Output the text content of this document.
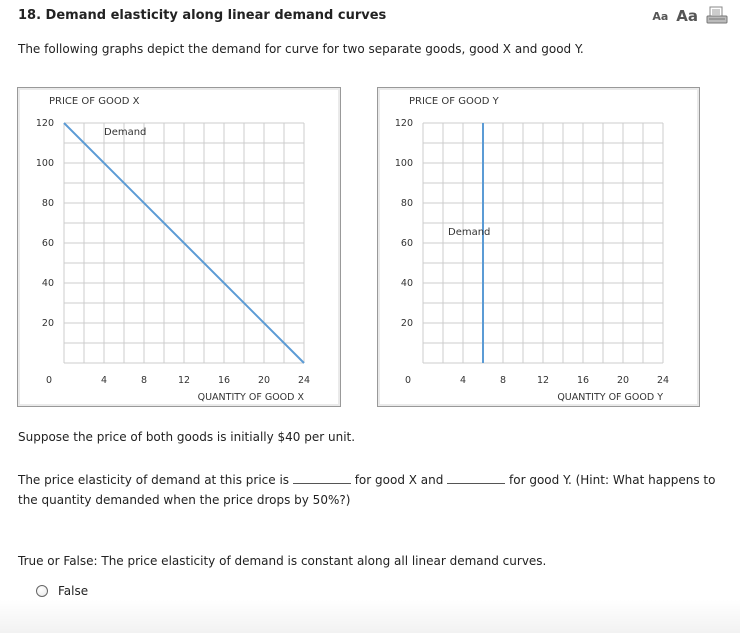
18. Demand elasticity along linear demand curves	Aa Aa
The following graphs depict the demand for curve for two separate goods, good X and good Y.
PRICE OF GOOD X
0
20
40
60
80
100
120
4	8	12	16	20	24
QUANTITY OF GOOD X
Demand
PRICE OF GOOD Y
0
20
40
60
80
100
120
4	8	12	16	20	24
QUANTITY OF GOOD Y
Demand
Suppose the price of both goods is initially $40 per unit.
The price elasticity of demand at this price is	for good X and	for good Y. (Hint: What happens to the quantity demanded when the price drops by 50%?)
True or False: The price elasticity of demand is constant along all linear demand curves.
False
